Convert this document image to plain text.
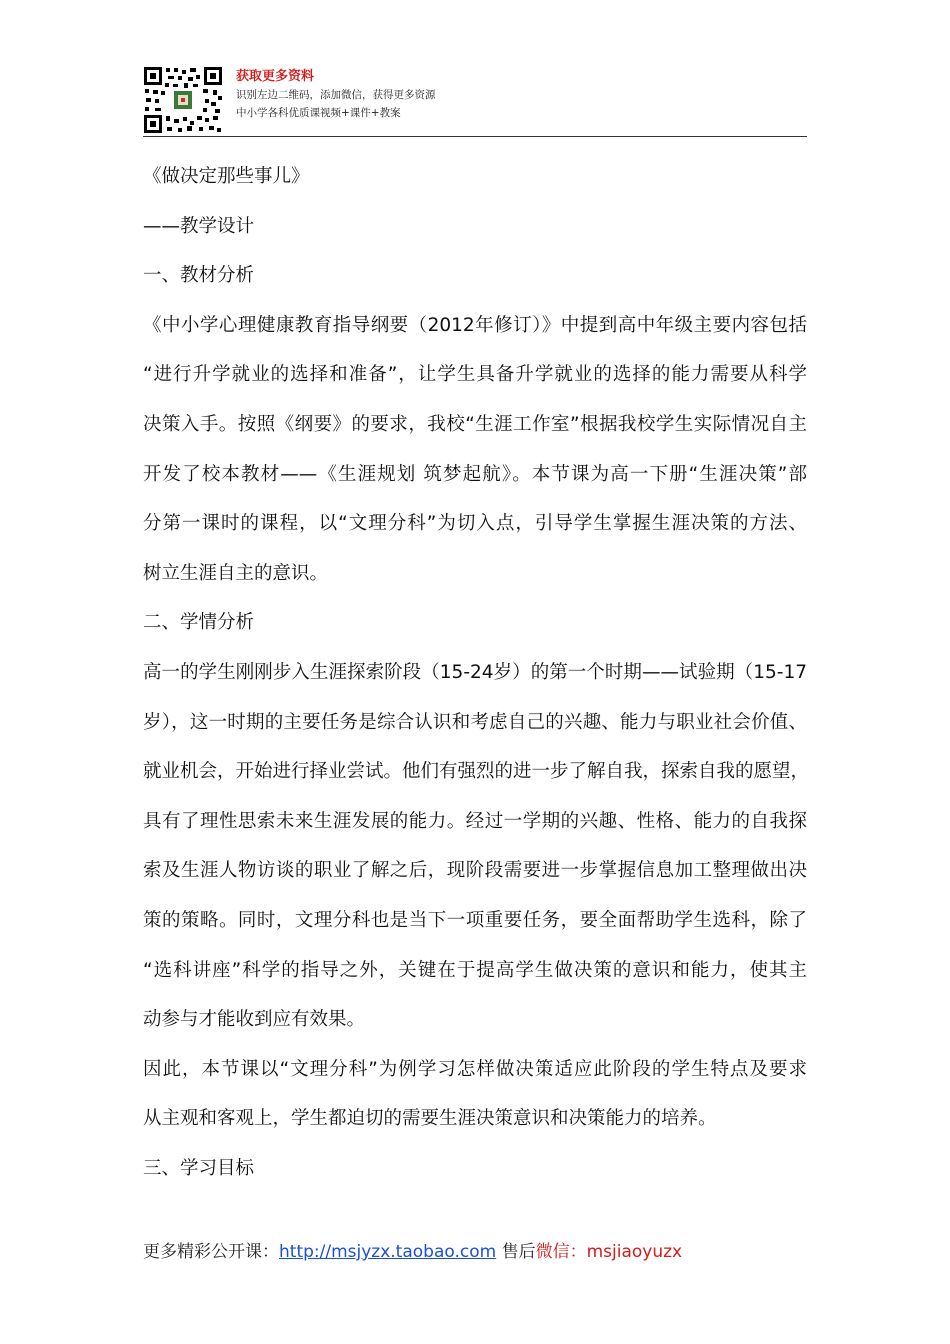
获取更多资料

识别左边二维码，添加微信，获得更多资源

中小学各科优质课视频+课件+教案

《做决定那些事儿》

——教学设计

一、教材分析

《中小学心理健康教育指导纲要（2012年修订）》中提到高中年级主要内容包括

“进行升学就业的选择和准备”，让学生具备升学就业的选择的能力需要从科学

决策入手。按照《纲要》的要求，我校“生涯工作室”根据我校学生实际情况自主

开发了校本教材——《生涯规划 筑梦起航》。本节课为高一下册“生涯决策”部

分第一课时的课程，以“文理分科”为切入点，引导学生掌握生涯决策的方法、

树立生涯自主的意识。

二、学情分析

高一的学生刚刚步入生涯探索阶段（15-24岁）的第一个时期——试验期（15-17

岁），这一时期的主要任务是综合认识和考虑自己的兴趣、能力与职业社会价值、

就业机会，开始进行择业尝试。他们有强烈的进一步了解自我，探索自我的愿望，

具有了理性思索未来生涯发展的能力。经过一学期的兴趣、性格、能力的自我探

索及生涯人物访谈的职业了解之后，现阶段需要进一步掌握信息加工整理做出决

策的策略。同时，文理分科也是当下一项重要任务，要全面帮助学生选科，除了

“选科讲座”科学的指导之外，关键在于提高学生做决策的意识和能力，使其主

动参与才能收到应有效果。

因此，本节课以“文理分科”为例学习怎样做决策适应此阶段的学生特点及要求

从主观和客观上，学生都迫切的需要生涯决策意识和决策能力的培养。

三、学习目标

更多精彩公开课：http://msjyzx.taobao.com 售后微信：msjiaoyuzx
